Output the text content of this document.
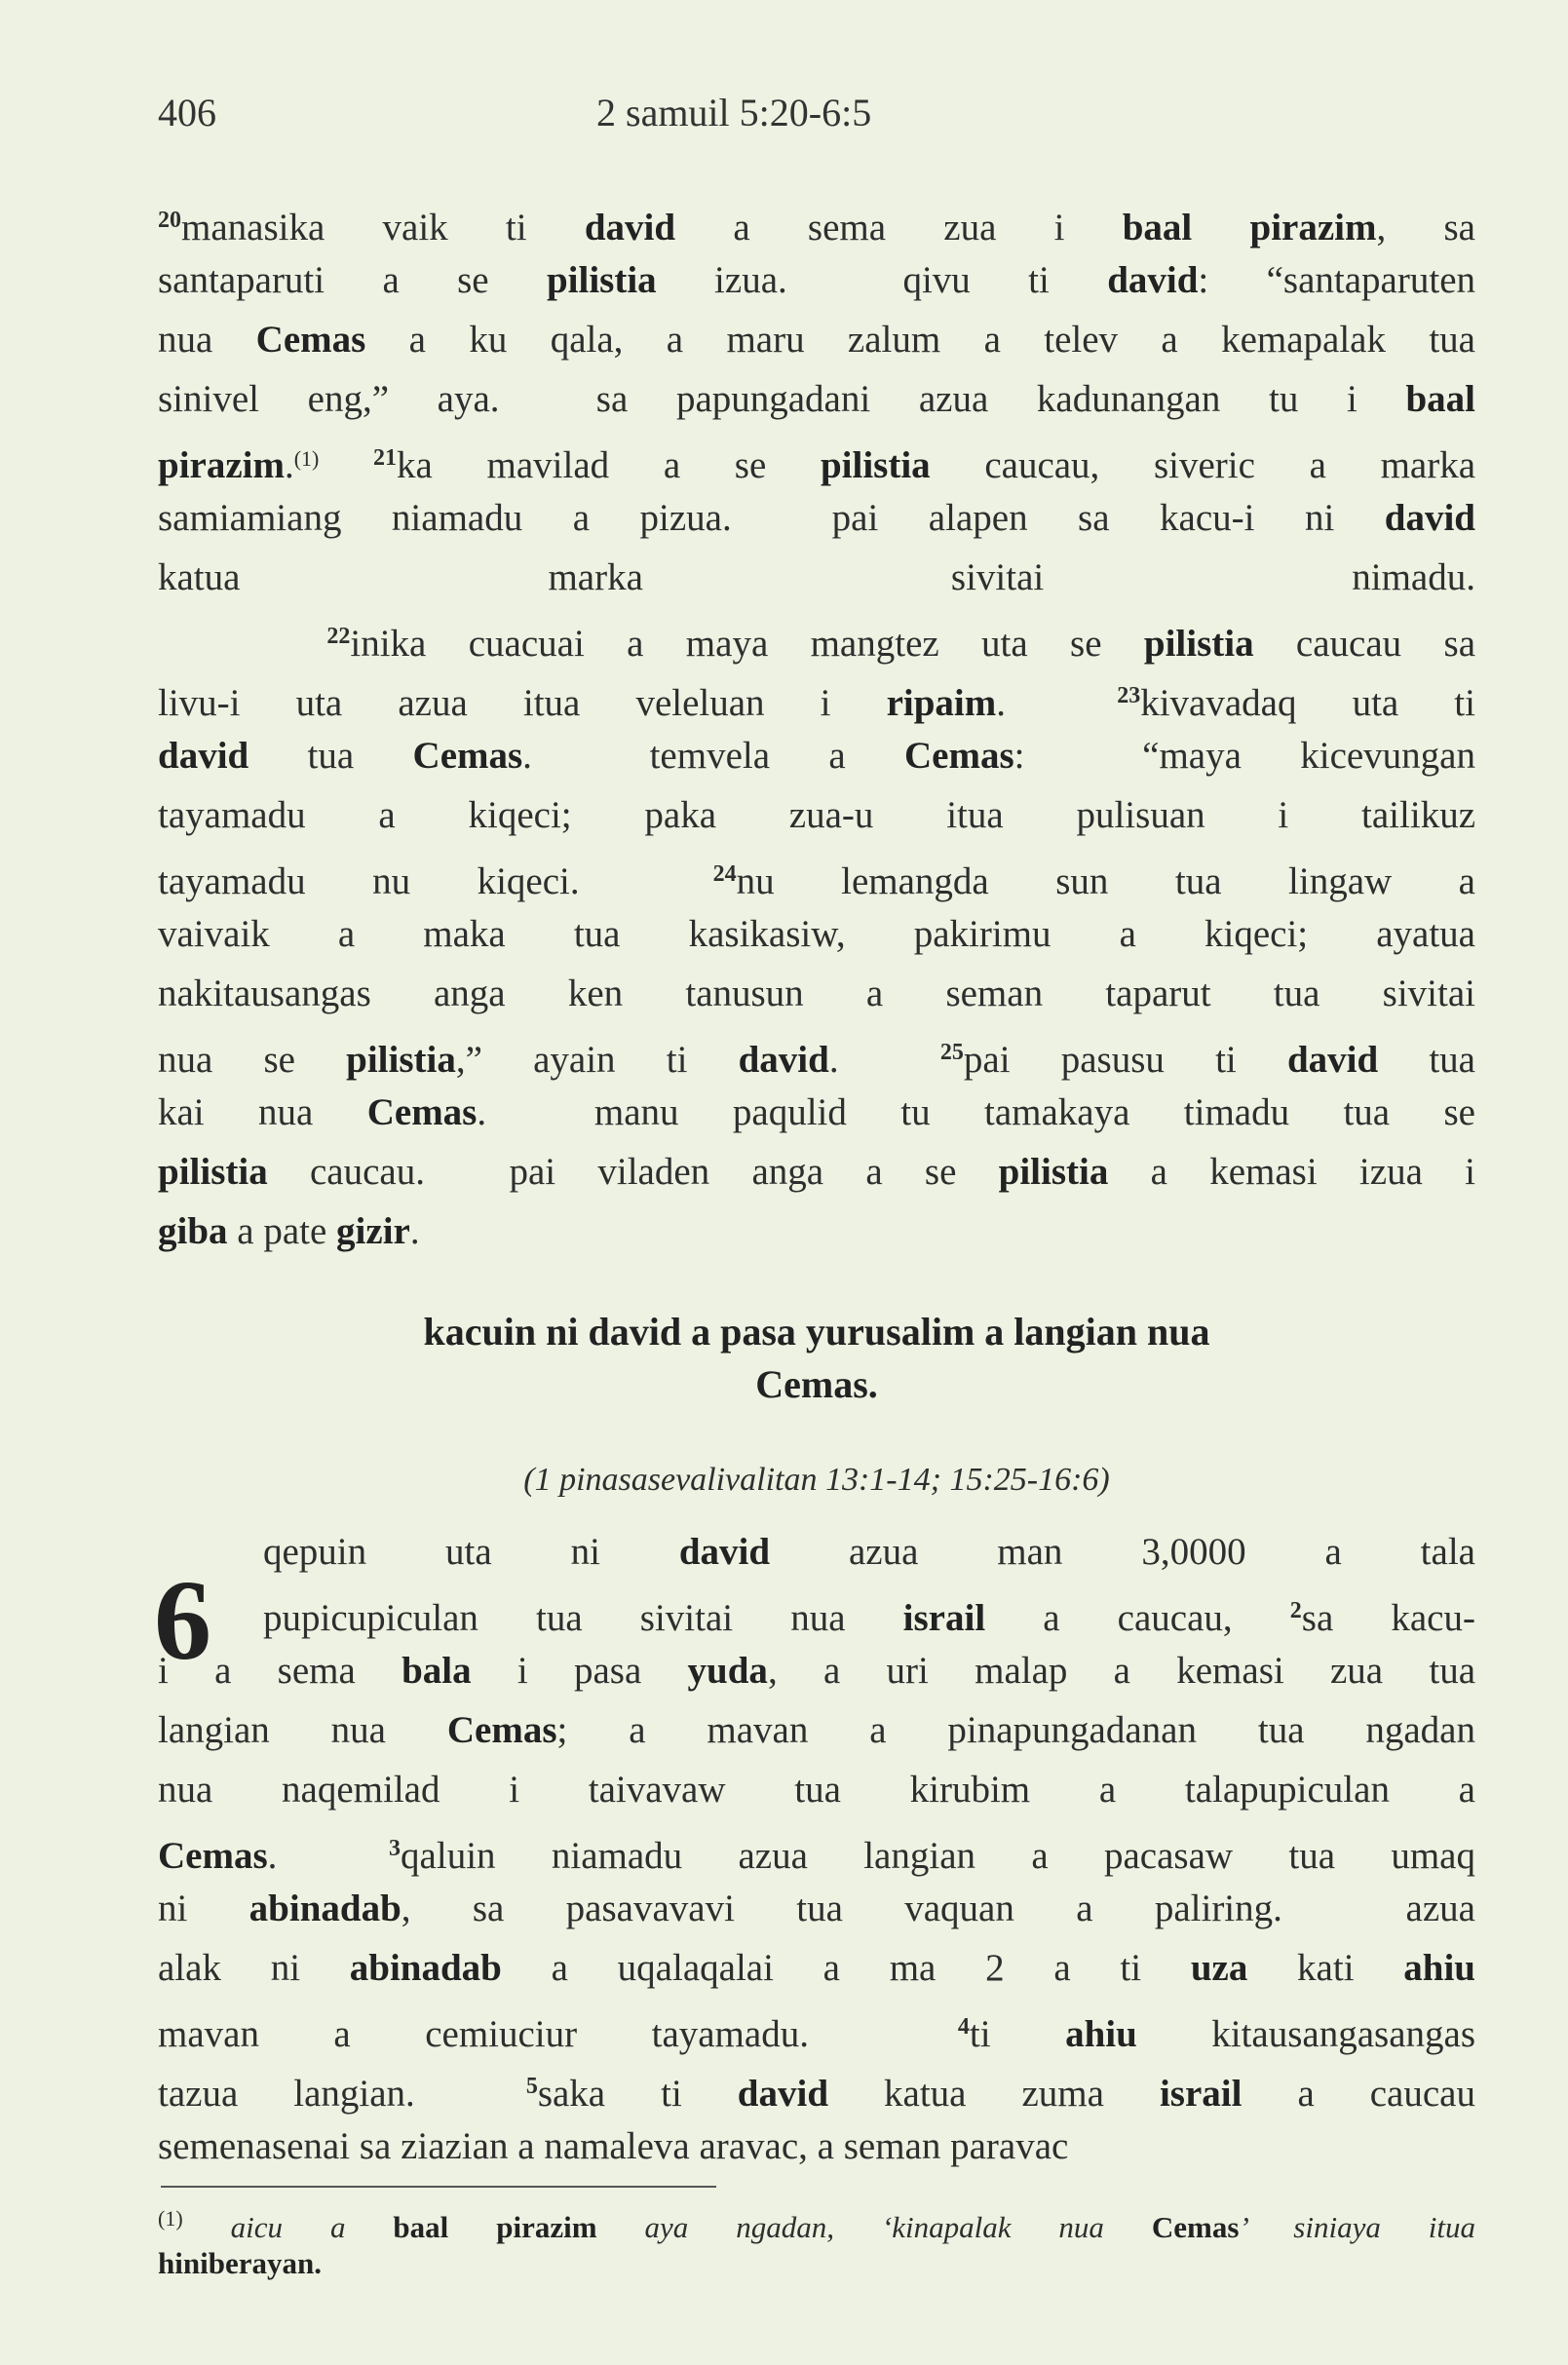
406	2 samuil 5:20-6:5
$^{20}$manasika vaik ti david a sema zua i baal pirazim, sa
santaparuti a se pilistia izua.  qivu ti david: “santaparuten
nua Cemas a ku qala, a maru zalum a telev a kemapalak tua
sinivel eng,” aya.  sa papungadani azua kadunangan tu i baal
pirazim.$^{(1)}$ $^{21}$ka mavilad a se pilistia caucau, siveric a marka
samiamiang niamadu a pizua.  pai alapen sa kacu-i ni david
katua marka sivitai nimadu.
$^{22}$inika cuacuai a maya mangtez uta se pilistia caucau sa
livu-i uta azua itua veleluan i ripaim.  $^{23}$kivavadaq uta ti
david tua Cemas.  temvela a Cemas:  “maya kicevungan
tayamadu a kiqeci; paka zua-u itua pulisuan i tailikuz
tayamadu nu kiqeci.  $^{24}$nu lemangda sun tua lingaw a
vaivaik a maka tua kasikasiw, pakirimu a kiqeci; ayatua
nakitausangas anga ken tanusun a seman taparut tua sivitai
nua se pilistia,” ayain ti david.  $^{25}$pai pasusu ti david tua
kai nua Cemas.  manu paqulid tu tamakaya timadu tua se
pilistia caucau.  pai viladen anga a se pilistia a kemasi izua i
giba a pate gizir.
kacuin ni david a pasa yurusalim a langian nua
Cemas.
(1 pinasasevalivalitan 13:1-14; 15:25-16:6)
6
qepuin uta ni david azua man 3,0000 a tala
pupicupiculan tua sivitai nua israil a caucau, $^2$sa kacu-
i a sema bala i pasa yuda, a uri malap a kemasi zua tua
langian nua Cemas; a mavan a pinapungadanan tua ngadan
nua naqemilad i taivavaw tua kirubim a talapupiculan a
Cemas.  $^3$qaluin niamadu azua langian a pacasaw tua umaq
ni abinadab, sa pasavavavi tua vaquan a paliring.  azua
alak ni abinadab a uqalaqalai a ma 2 a ti uza kati ahiu
mavan a cemiuciur tayamadu.  $^4$ti ahiu kitausangasangas
tazua langian.  $^5$saka ti david katua zuma israil a caucau
semenasenai sa ziazian a namaleva aravac, a seman paravac
$^{(1)}$ aicu a baal pirazim aya ngadan, ‘kinapalak nua Cemas’ siniaya itua
hiniberayan.
